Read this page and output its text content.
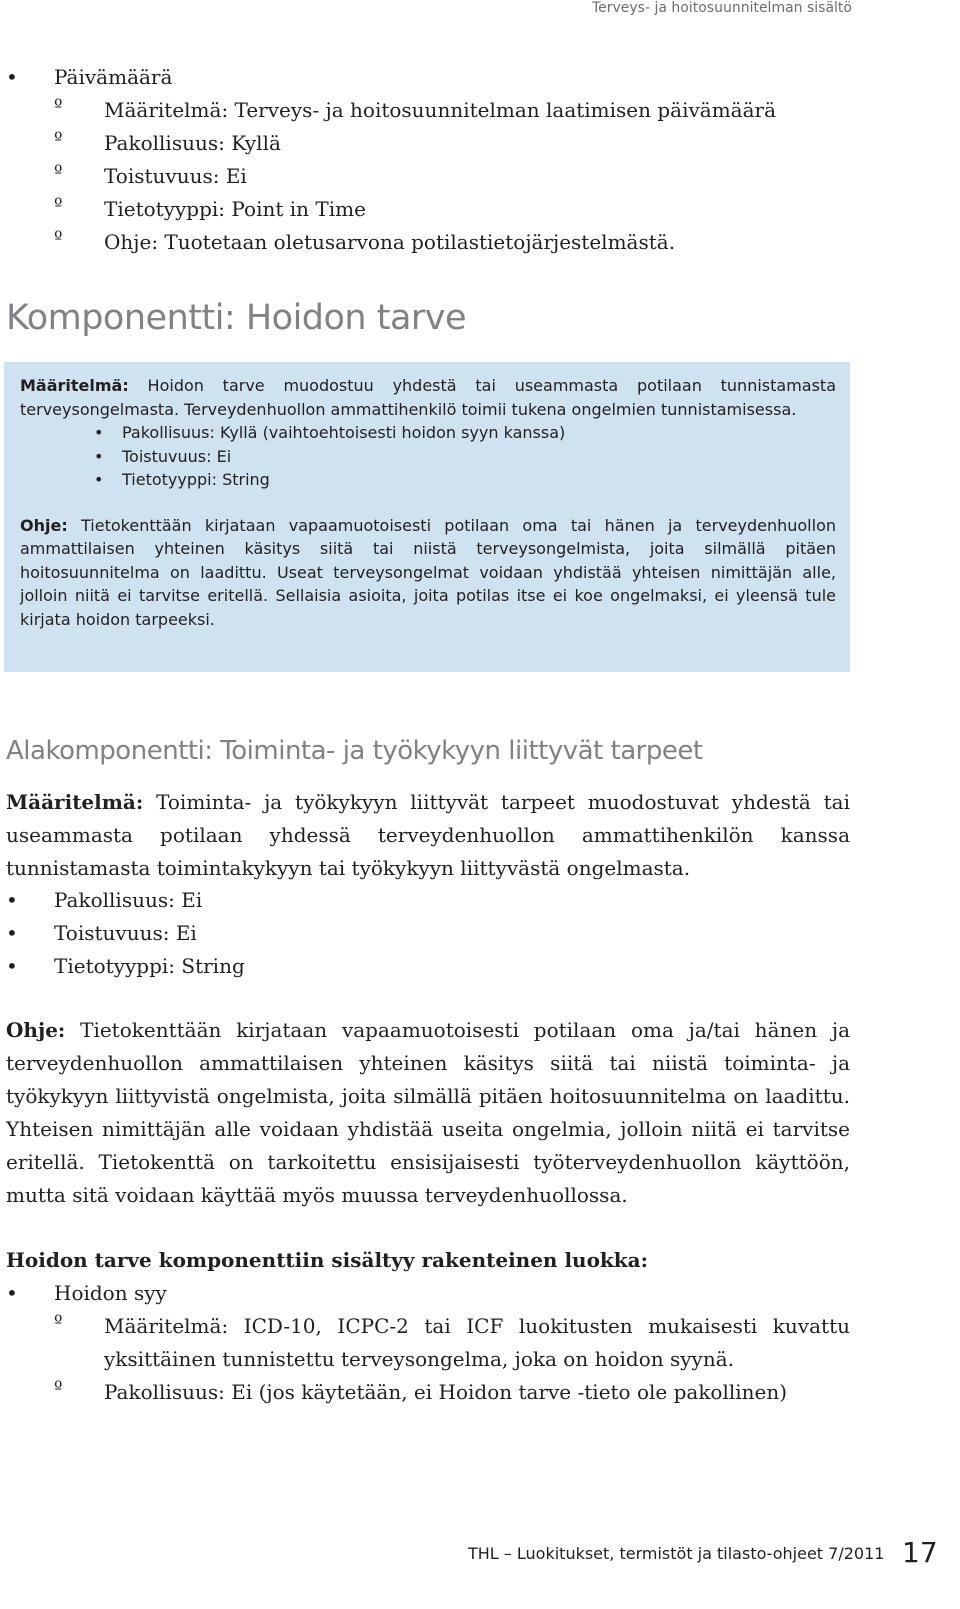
Terveys- ja hoitosuunnitelman sisältö
• Päivämäärä
º Määritelmä: Terveys- ja hoitosuunnitelman laatimisen päivämäärä
º Pakollisuus: Kyllä
º Toistuvuus: Ei
º Tietotyyppi: Point in Time
º Ohje: Tuotetaan oletusarvona potilastietojärjestelmästä.
Komponentti: Hoidon tarve

Määritelmä: Hoidon tarve muodostuu yhdestä tai useammasta potilaan tunnistamasta terveysongelmasta. Terveydenhuollon ammattihenkilö toimii tukena ongelmien tunnistamisessa.

• Pakollisuus: Kyllä (vaihtoehtoisesti hoidon syyn kanssa)
• Toistuvuus: Ei
• Tietotyyppi: String

Ohje: Tietokenttään kirjataan vapaamuotoisesti potilaan oma tai hänen ja terveydenhuollon ammattilaisen yhteinen käsitys siitä tai niistä terveysongelmista, joita silmällä pitäen hoitosuunnitelma on laadittu. Useat terveysongelmat voidaan yhdistää yhteisen nimittäjän alle, jolloin niitä ei tarvitse eritellä. Sellaisia asioita, joita potilas itse ei koe ongelmaksi, ei yleensä tule kirjata hoidon tarpeeksi.

Alakomponentti: Toiminta- ja työkykyyn liittyvät tarpeet

Määritelmä: Toiminta- ja työkykyyn liittyvät tarpeet muodostuvat yhdestä tai useammasta potilaan yhdessä terveydenhuollon ammattihenkilön kanssa tunnistamasta toimintakykyyn tai työkykyyn liittyvästä ongelmasta.

• Pakollisuus: Ei
• Toistuvuus: Ei
• Tietotyyppi: String

Ohje: Tietokenttään kirjataan vapaamuotoisesti potilaan oma ja/tai hänen ja terveydenhuollon ammattilaisen yhteinen käsitys siitä tai niistä toiminta- ja työkykyyn liittyvistä ongelmista, joita silmällä pitäen hoitosuunnitelma on laadittu. Yhteisen nimittäjän alle voidaan yhdistää useita ongelmia, jolloin niitä ei tarvitse eritellä. Tietokenttä on tarkoitettu ensisijaisesti työterveydenhuollon käyttöön, mutta sitä voidaan käyttää myös muussa terveydenhuollossa.

Hoidon tarve komponenttiin sisältyy rakenteinen luokka:

• Hoidon syy
º Määritelmä: ICD-10, ICPC-2 tai ICF luokitusten mukaisesti kuvattu yksittäinen tunnistettu terveysongelma, joka on hoidon syynä.
º Pakollisuus: Ei (jos käytetään, ei Hoidon tarve -tieto ole pakollinen)
THL – Luokitukset, termistöt ja tilasto-ohjeet 7/2011 17
